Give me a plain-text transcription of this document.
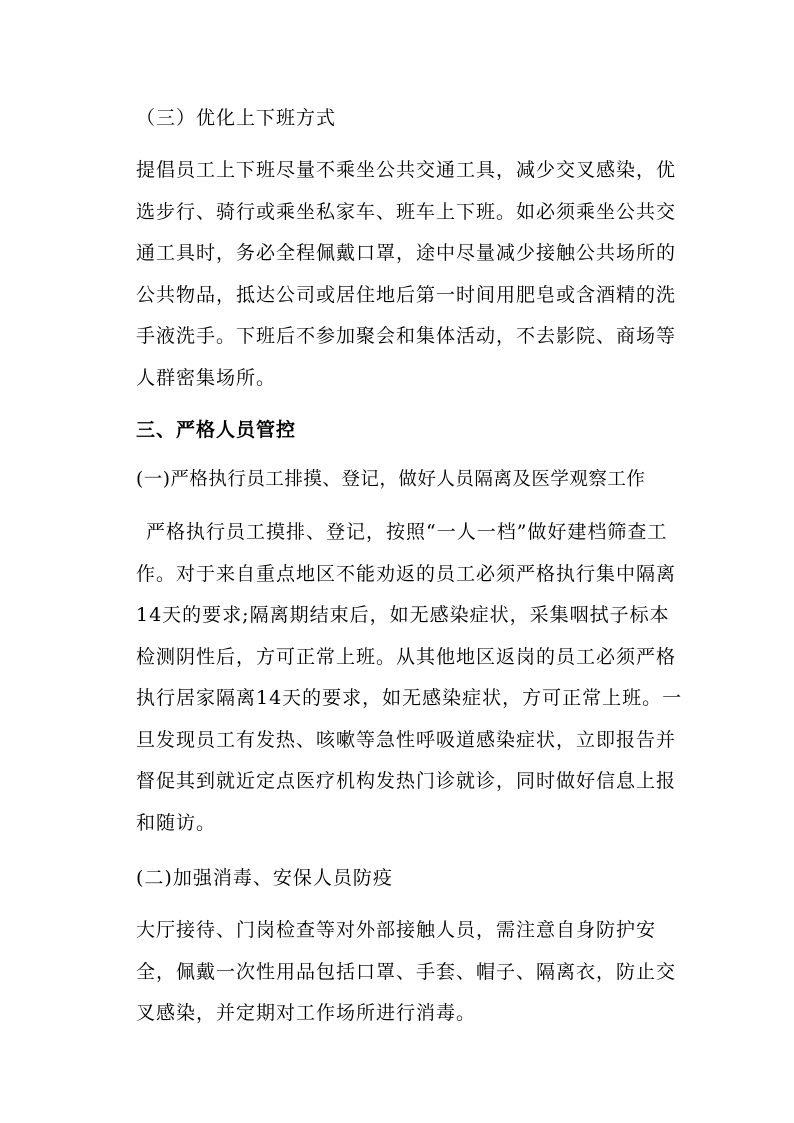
（三）优化上下班方式

提倡员工上下班尽量不乘坐公共交通工具，减少交叉感染，优选步行、骑行或乘坐私家车、班车上下班。如必须乘坐公共交通工具时，务必全程佩戴口罩，途中尽量减少接触公共场所的公共物品，抵达公司或居住地后第一时间用肥皂或含酒精的洗手液洗手。下班后不参加聚会和集体活动，不去影院、商场等人群密集场所。

三、严格人员管控

(一)严格执行员工排摸、登记，做好人员隔离及医学观察工作

严格执行员工摸排、登记，按照“一人一档”做好建档筛查工作。对于来自重点地区不能劝返的员工必须严格执行集中隔离14天的要求;隔离期结束后，如无感染症状，采集咽拭子标本检测阴性后，方可正常上班。从其他地区返岗的员工必须严格执行居家隔离14天的要求，如无感染症状，方可正常上班。一旦发现员工有发热、咳嗽等急性呼吸道感染症状，立即报告并督促其到就近定点医疗机构发热门诊就诊，同时做好信息上报和随访。

(二)加强消毒、安保人员防疫

大厅接待、门岗检查等对外部接触人员，需注意自身防护安全，佩戴一次性用品包括口罩、手套、帽子、隔离衣，防止交叉感染，并定期对工作场所进行消毒。
